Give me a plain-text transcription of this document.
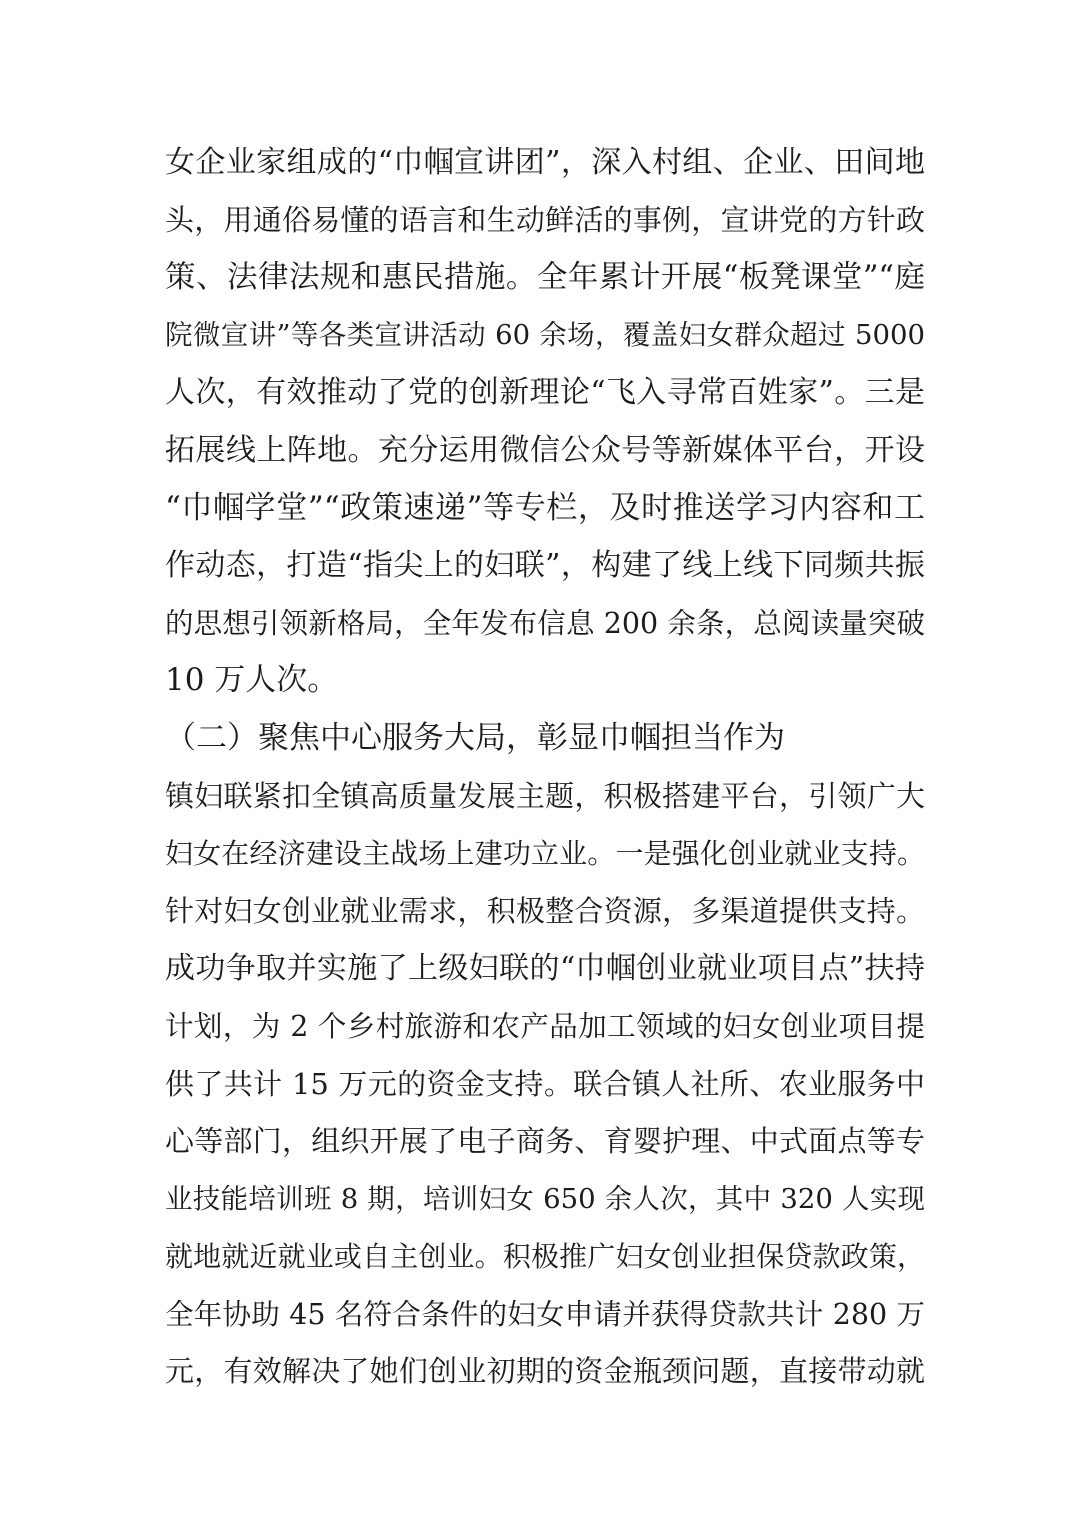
女企业家组成的“巾帼宣讲团”，深入村组、企业、田间地
头，用通俗易懂的语言和生动鲜活的事例，宣讲党的方针政
策、法律法规和惠民措施。全年累计开展“板凳课堂”“庭
院微宣讲”等各类宣讲活动 60 余场，覆盖妇女群众超过 5000
人次，有效推动了党的创新理论“飞入寻常百姓家”。三是
拓展线上阵地。充分运用微信公众号等新媒体平台，开设
“巾帼学堂”“政策速递”等专栏，及时推送学习内容和工
作动态，打造“指尖上的妇联”，构建了线上线下同频共振
的思想引领新格局，全年发布信息 200 余条，总阅读量突破
10 万人次。
（二）聚焦中心服务大局，彰显巾帼担当作为
镇妇联紧扣全镇高质量发展主题，积极搭建平台，引领广大
妇女在经济建设主战场上建功立业。一是强化创业就业支持。
针对妇女创业就业需求，积极整合资源，多渠道提供支持。
成功争取并实施了上级妇联的“巾帼创业就业项目点”扶持
计划，为 2 个乡村旅游和农产品加工领域的妇女创业项目提
供了共计 15 万元的资金支持。联合镇人社所、农业服务中
心等部门，组织开展了电子商务、育婴护理、中式面点等专
业技能培训班 8 期，培训妇女 650 余人次，其中 320 人实现
就地就近就业或自主创业。积极推广妇女创业担保贷款政策，
全年协助 45 名符合条件的妇女申请并获得贷款共计 280 万
元，有效解决了她们创业初期的资金瓶颈问题，直接带动就
